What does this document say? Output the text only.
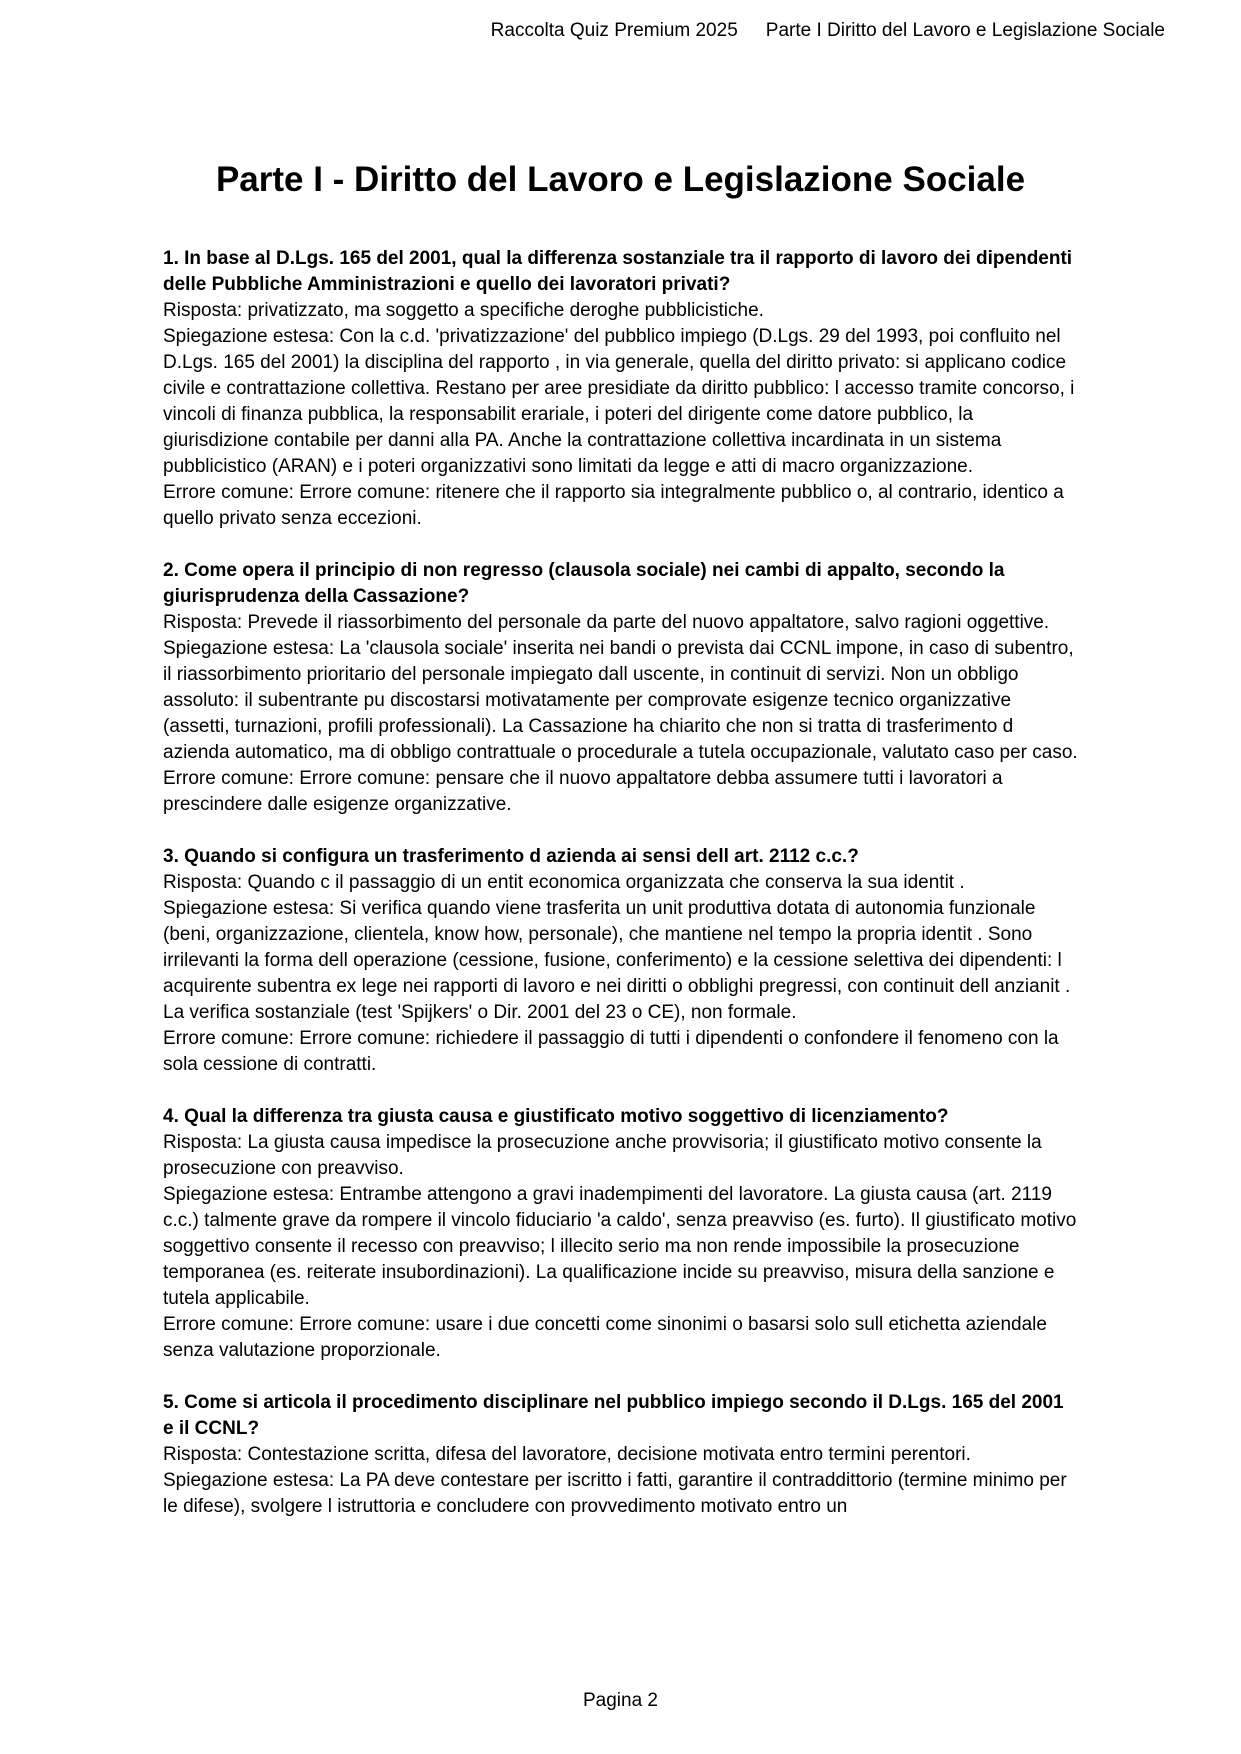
Raccolta Quiz Premium 2025 Parte I Diritto del Lavoro e Legislazione Sociale
Parte I - Diritto del Lavoro e Legislazione Sociale

1. In base al D.Lgs. 165 del 2001, qual la differenza sostanziale tra il rapporto di lavoro dei dipendenti delle Pubbliche Amministrazioni e quello dei lavoratori privati?

Risposta: privatizzato, ma soggetto a specifiche deroghe pubblicistiche.

Spiegazione estesa: Con la c.d. 'privatizzazione' del pubblico impiego (D.Lgs. 29 del 1993, poi confluito nel D.Lgs. 165 del 2001) la disciplina del rapporto , in via generale, quella del diritto privato: si applicano codice civile e contrattazione collettiva. Restano per aree presidiate da diritto pubblico: l accesso tramite concorso, i vincoli di finanza pubblica, la responsabilit erariale, i poteri del dirigente come datore pubblico, la giurisdizione contabile per danni alla PA. Anche la contrattazione collettiva incardinata in un sistema pubblicistico (ARAN) e i poteri organizzativi sono limitati da legge e atti di macro organizzazione.

Errore comune: Errore comune: ritenere che il rapporto sia integralmente pubblico o, al contrario, identico a quello privato senza eccezioni.

2. Come opera il principio di non regresso (clausola sociale) nei cambi di appalto, secondo la giurisprudenza della Cassazione?

Risposta: Prevede il riassorbimento del personale da parte del nuovo appaltatore, salvo ragioni oggettive.

Spiegazione estesa: La 'clausola sociale' inserita nei bandi o prevista dai CCNL impone, in caso di subentro, il riassorbimento prioritario del personale impiegato dall uscente, in continuit di servizi. Non un obbligo assoluto: il subentrante pu discostarsi motivatamente per comprovate esigenze tecnico organizzative (assetti, turnazioni, profili professionali). La Cassazione ha chiarito che non si tratta di trasferimento d azienda automatico, ma di obbligo contrattuale o procedurale a tutela occupazionale, valutato caso per caso.

Errore comune: Errore comune: pensare che il nuovo appaltatore debba assumere tutti i lavoratori a prescindere dalle esigenze organizzative.

3. Quando si configura un trasferimento d azienda ai sensi dell art. 2112 c.c.?

Risposta: Quando c il passaggio di un entit economica organizzata che conserva la sua identit .

Spiegazione estesa: Si verifica quando viene trasferita un unit produttiva dotata di autonomia funzionale (beni, organizzazione, clientela, know how, personale), che mantiene nel tempo la propria identit . Sono irrilevanti la forma dell operazione (cessione, fusione, conferimento) e la cessione selettiva dei dipendenti: l acquirente subentra ex lege nei rapporti di lavoro e nei diritti o obblighi pregressi, con continuit dell anzianit . La verifica sostanziale (test 'Spijkers' o Dir. 2001 del 23 o CE), non formale.

Errore comune: Errore comune: richiedere il passaggio di tutti i dipendenti o confondere il fenomeno con la sola cessione di contratti.

4. Qual la differenza tra giusta causa e giustificato motivo soggettivo di licenziamento?

Risposta: La giusta causa impedisce la prosecuzione anche provvisoria; il giustificato motivo consente la prosecuzione con preavviso.

Spiegazione estesa: Entrambe attengono a gravi inadempimenti del lavoratore. La giusta causa (art. 2119 c.c.) talmente grave da rompere il vincolo fiduciario 'a caldo', senza preavviso (es. furto). Il giustificato motivo soggettivo consente il recesso con preavviso; l illecito serio ma non rende impossibile la prosecuzione temporanea (es. reiterate insubordinazioni). La qualificazione incide su preavviso, misura della sanzione e tutela applicabile.

Errore comune: Errore comune: usare i due concetti come sinonimi o basarsi solo sull etichetta aziendale senza valutazione proporzionale.

5. Come si articola il procedimento disciplinare nel pubblico impiego secondo il D.Lgs. 165 del 2001 e il CCNL?

Risposta: Contestazione scritta, difesa del lavoratore, decisione motivata entro termini perentori.

Spiegazione estesa: La PA deve contestare per iscritto i fatti, garantire il contraddittorio (termine minimo per le difese), svolgere l istruttoria e concludere con provvedimento motivato entro un

Pagina 2
